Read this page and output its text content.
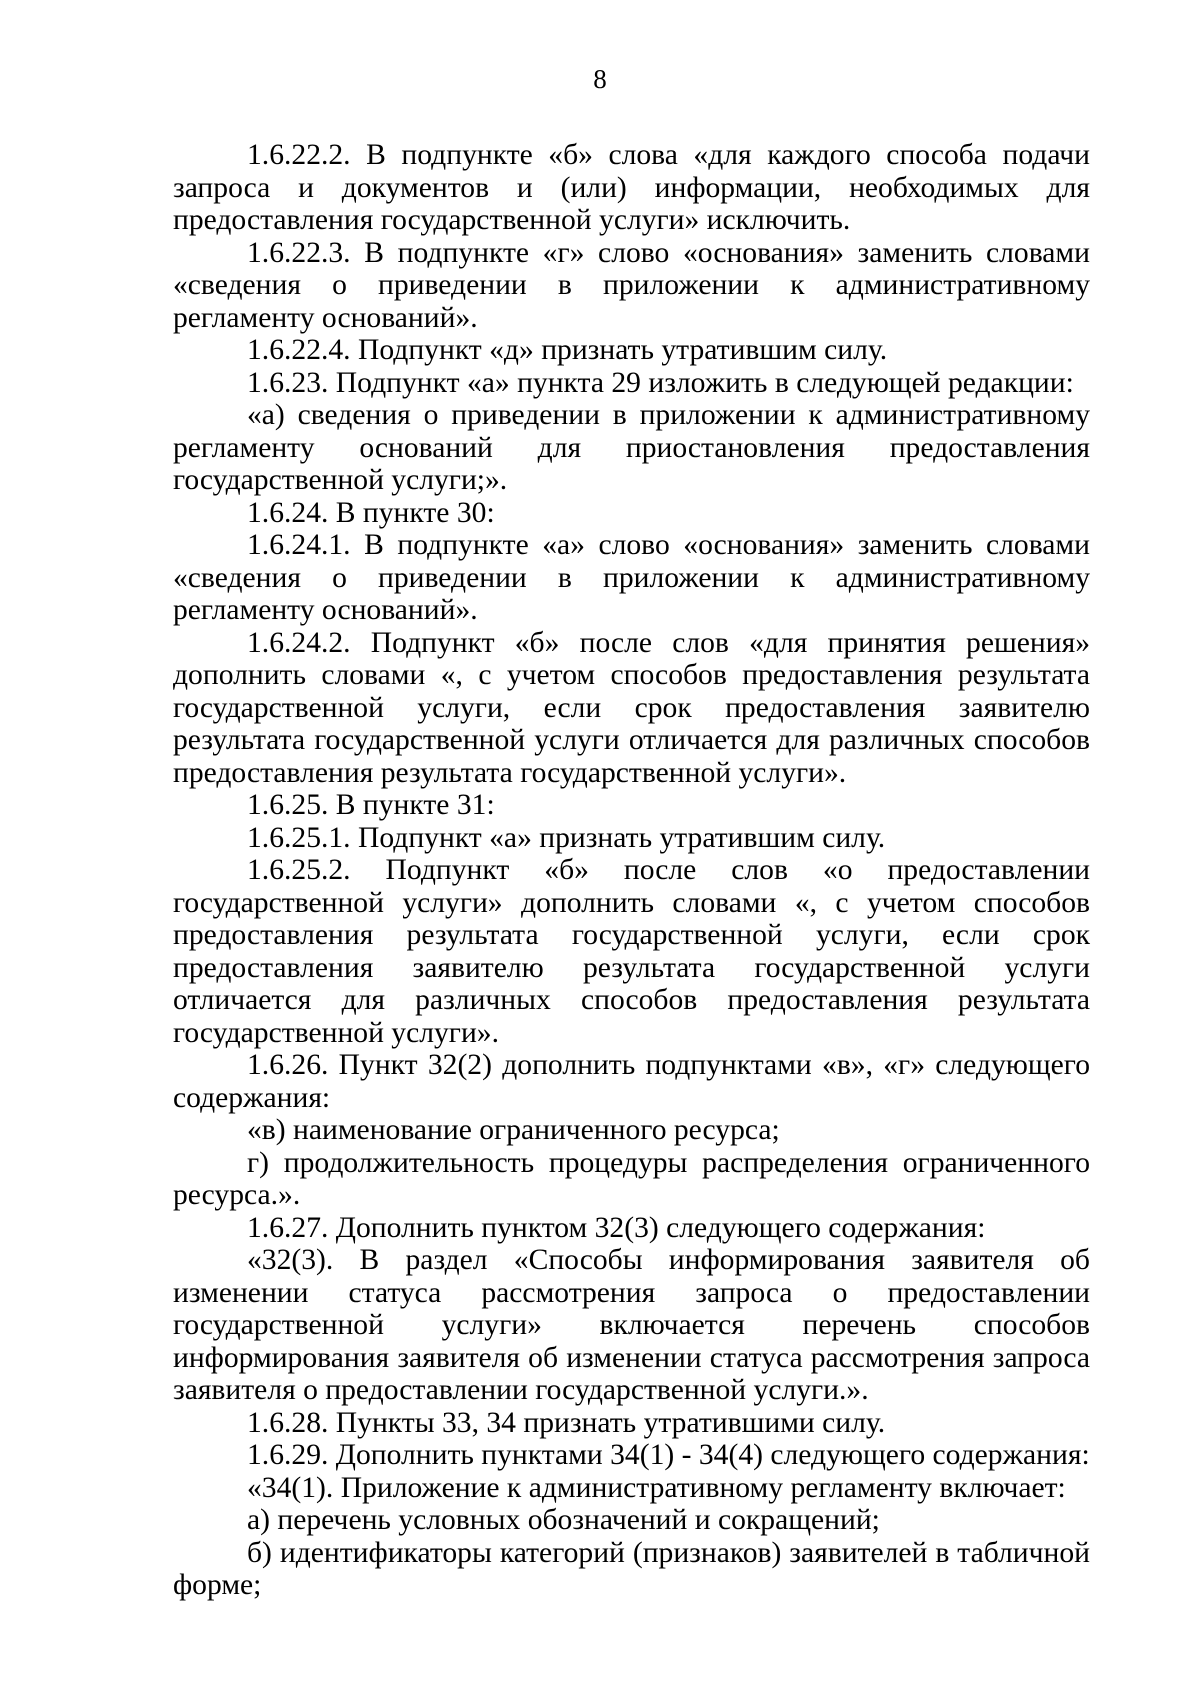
8

1.6.22.2. В подпункте «б» слова «для каждого способа подачи запроса и документов и (или) информации, необходимых для предоставления государственной услуги» исключить.

1.6.22.3. В подпункте «г» слово «основания» заменить словами «сведения о приведении в приложении к административному регламенту оснований».

1.6.22.4. Подпункт «д» признать утратившим силу.

1.6.23. Подпункт «а» пункта 29 изложить в следующей редакции:

«а) сведения о приведении в приложении к административному регламенту оснований для приостановления предоставления государственной услуги;».

1.6.24. В пункте 30:

1.6.24.1. В подпункте «а» слово «основания» заменить словами «сведения о приведении в приложении к административному регламенту оснований».

1.6.24.2. Подпункт «б» после слов «для принятия решения» дополнить словами «, с учетом способов предоставления результата государственной услуги, если срок предоставления заявителю результата государственной услуги отличается для различных способов предоставления результата государственной услуги».

1.6.25. В пункте 31:

1.6.25.1. Подпункт «а» признать утратившим силу.

1.6.25.2. Подпункт «б» после слов «о предоставлении государственной услуги» дополнить словами «, с учетом способов предоставления результата государственной услуги, если срок предоставления заявителю результата государственной услуги отличается для различных способов предоставления результата государственной услуги».

1.6.26. Пункт 32(2) дополнить подпунктами «в», «г» следующего содержания:

«в) наименование ограниченного ресурса;

г) продолжительность процедуры распределения ограниченного ресурса.».

1.6.27. Дополнить пунктом 32(3) следующего содержания:

«32(3). В раздел «Способы информирования заявителя об изменении статуса рассмотрения запроса о предоставлении государственной услуги» включается перечень способов информирования заявителя об изменении статуса рассмотрения запроса заявителя о предоставлении государственной услуги.».

1.6.28. Пункты 33, 34 признать утратившими силу.

1.6.29. Дополнить пунктами 34(1) - 34(4) следующего содержания:

«34(1). Приложение к административному регламенту включает:

а) перечень условных обозначений и сокращений;

б) идентификаторы категорий (признаков) заявителей в табличной форме;
